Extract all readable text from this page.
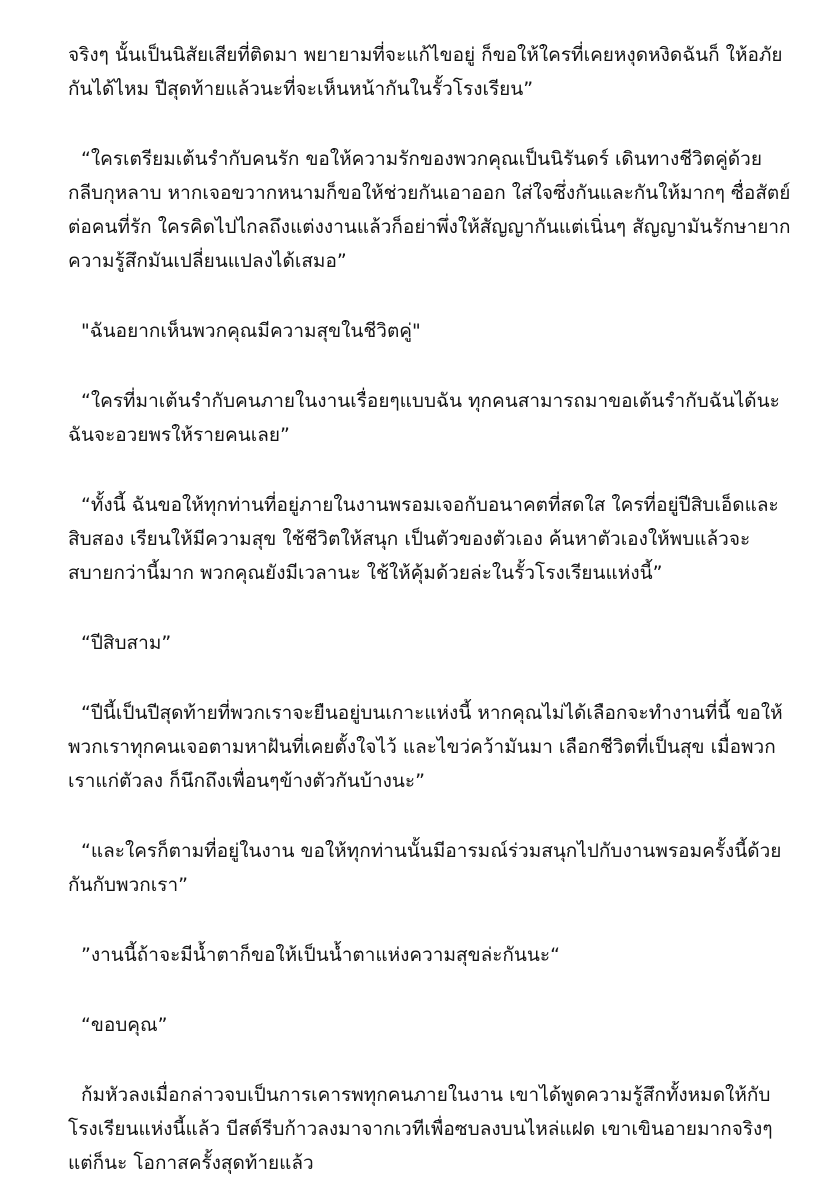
จริงๆ นั้นเป็นนิสัยเสียที่ติดมา พยายามที่จะแก้ไขอยู่ ก็ขอให้ใครที่เคยหงุดหงิดฉันก็ ให้อภัยกันได้ไหม ปีสุดท้ายแล้วนะที่จะเห็นหน้ากันในรั้วโรงเรียน”

“ใครเตรียมเต้นรำกับคนรัก ขอให้ความรักของพวกคุณเป็นนิรันดร์ เดินทางชีวิตคู่ด้วยกลีบกุหลาบ หากเจอขวากหนามก็ขอให้ช่วยกันเอาออก ใส่ใจซึ่งกันและกันให้มากๆ ซื่อสัตย์ต่อคนที่รัก ใครคิดไปไกลถึงแต่งงานแล้วก็อย่าพึ่งให้สัญญากันแต่เนิ่นๆ สัญญามันรักษายาก ความรู้สึกมันเปลี่ยนแปลงได้เสมอ”

"ฉันอยากเห็นพวกคุณมีความสุขในชีวิตคู่"

“ใครที่มาเต้นรำกับคนภายในงานเรื่อยๆแบบฉัน ทุกคนสามารถมาขอเต้นรำกับฉันได้นะ ฉันจะอวยพรให้รายคนเลย”

“ทั้งนี้ ฉันขอให้ทุกท่านที่อยู่ภายในงานพรอมเจอกับอนาคตที่สดใส ใครที่อยู่ปีสิบเอ็ดและสิบสอง เรียนให้มีความสุข ใช้ชีวิตให้สนุก เป็นตัวของตัวเอง ค้นหาตัวเองให้พบแล้วจะสบายกว่านี้มาก พวกคุณยังมีเวลานะ ใช้ให้คุ้มด้วยล่ะในรั้วโรงเรียนแห่งนี้”

“ปีสิบสาม”

“ปีนี้เป็นปีสุดท้ายที่พวกเราจะยืนอยู่บนเกาะแห่งนี้ หากคุณไม่ได้เลือกจะทำงานที่นี้ ขอให้พวกเราทุกคนเจอตามหาฝันที่เคยตั้งใจไว้ และไขว่คว้ามันมา เลือกชีวิตที่เป็นสุข เมื่อพวกเราแก่ตัวลง ก็นึกถึงเพื่อนๆข้างตัวกันบ้างนะ”

“และใครก็ตามที่อยู่ในงาน ขอให้ทุกท่านนั้นมีอารมณ์ร่วมสนุกไปกับงานพรอมครั้งนี้ด้วยกันกับพวกเรา”

”งานนี้ถ้าจะมีน้ำตาก็ขอให้เป็นน้ำตาแห่งความสุขล่ะกันนะ“

“ขอบคุณ”

ก้มหัวลงเมื่อกล่าวจบเป็นการเคารพทุกคนภายในงาน เขาได้พูดความรู้สึกทั้งหมดให้กับโรงเรียนแห่งนี้แล้ว บีสต์รีบก้าวลงมาจากเวทีเพื่อซบลงบนไหล่แฝด เขาเขินอายมากจริงๆ แต่ก็นะ โอกาสครั้งสุดท้ายแล้ว
